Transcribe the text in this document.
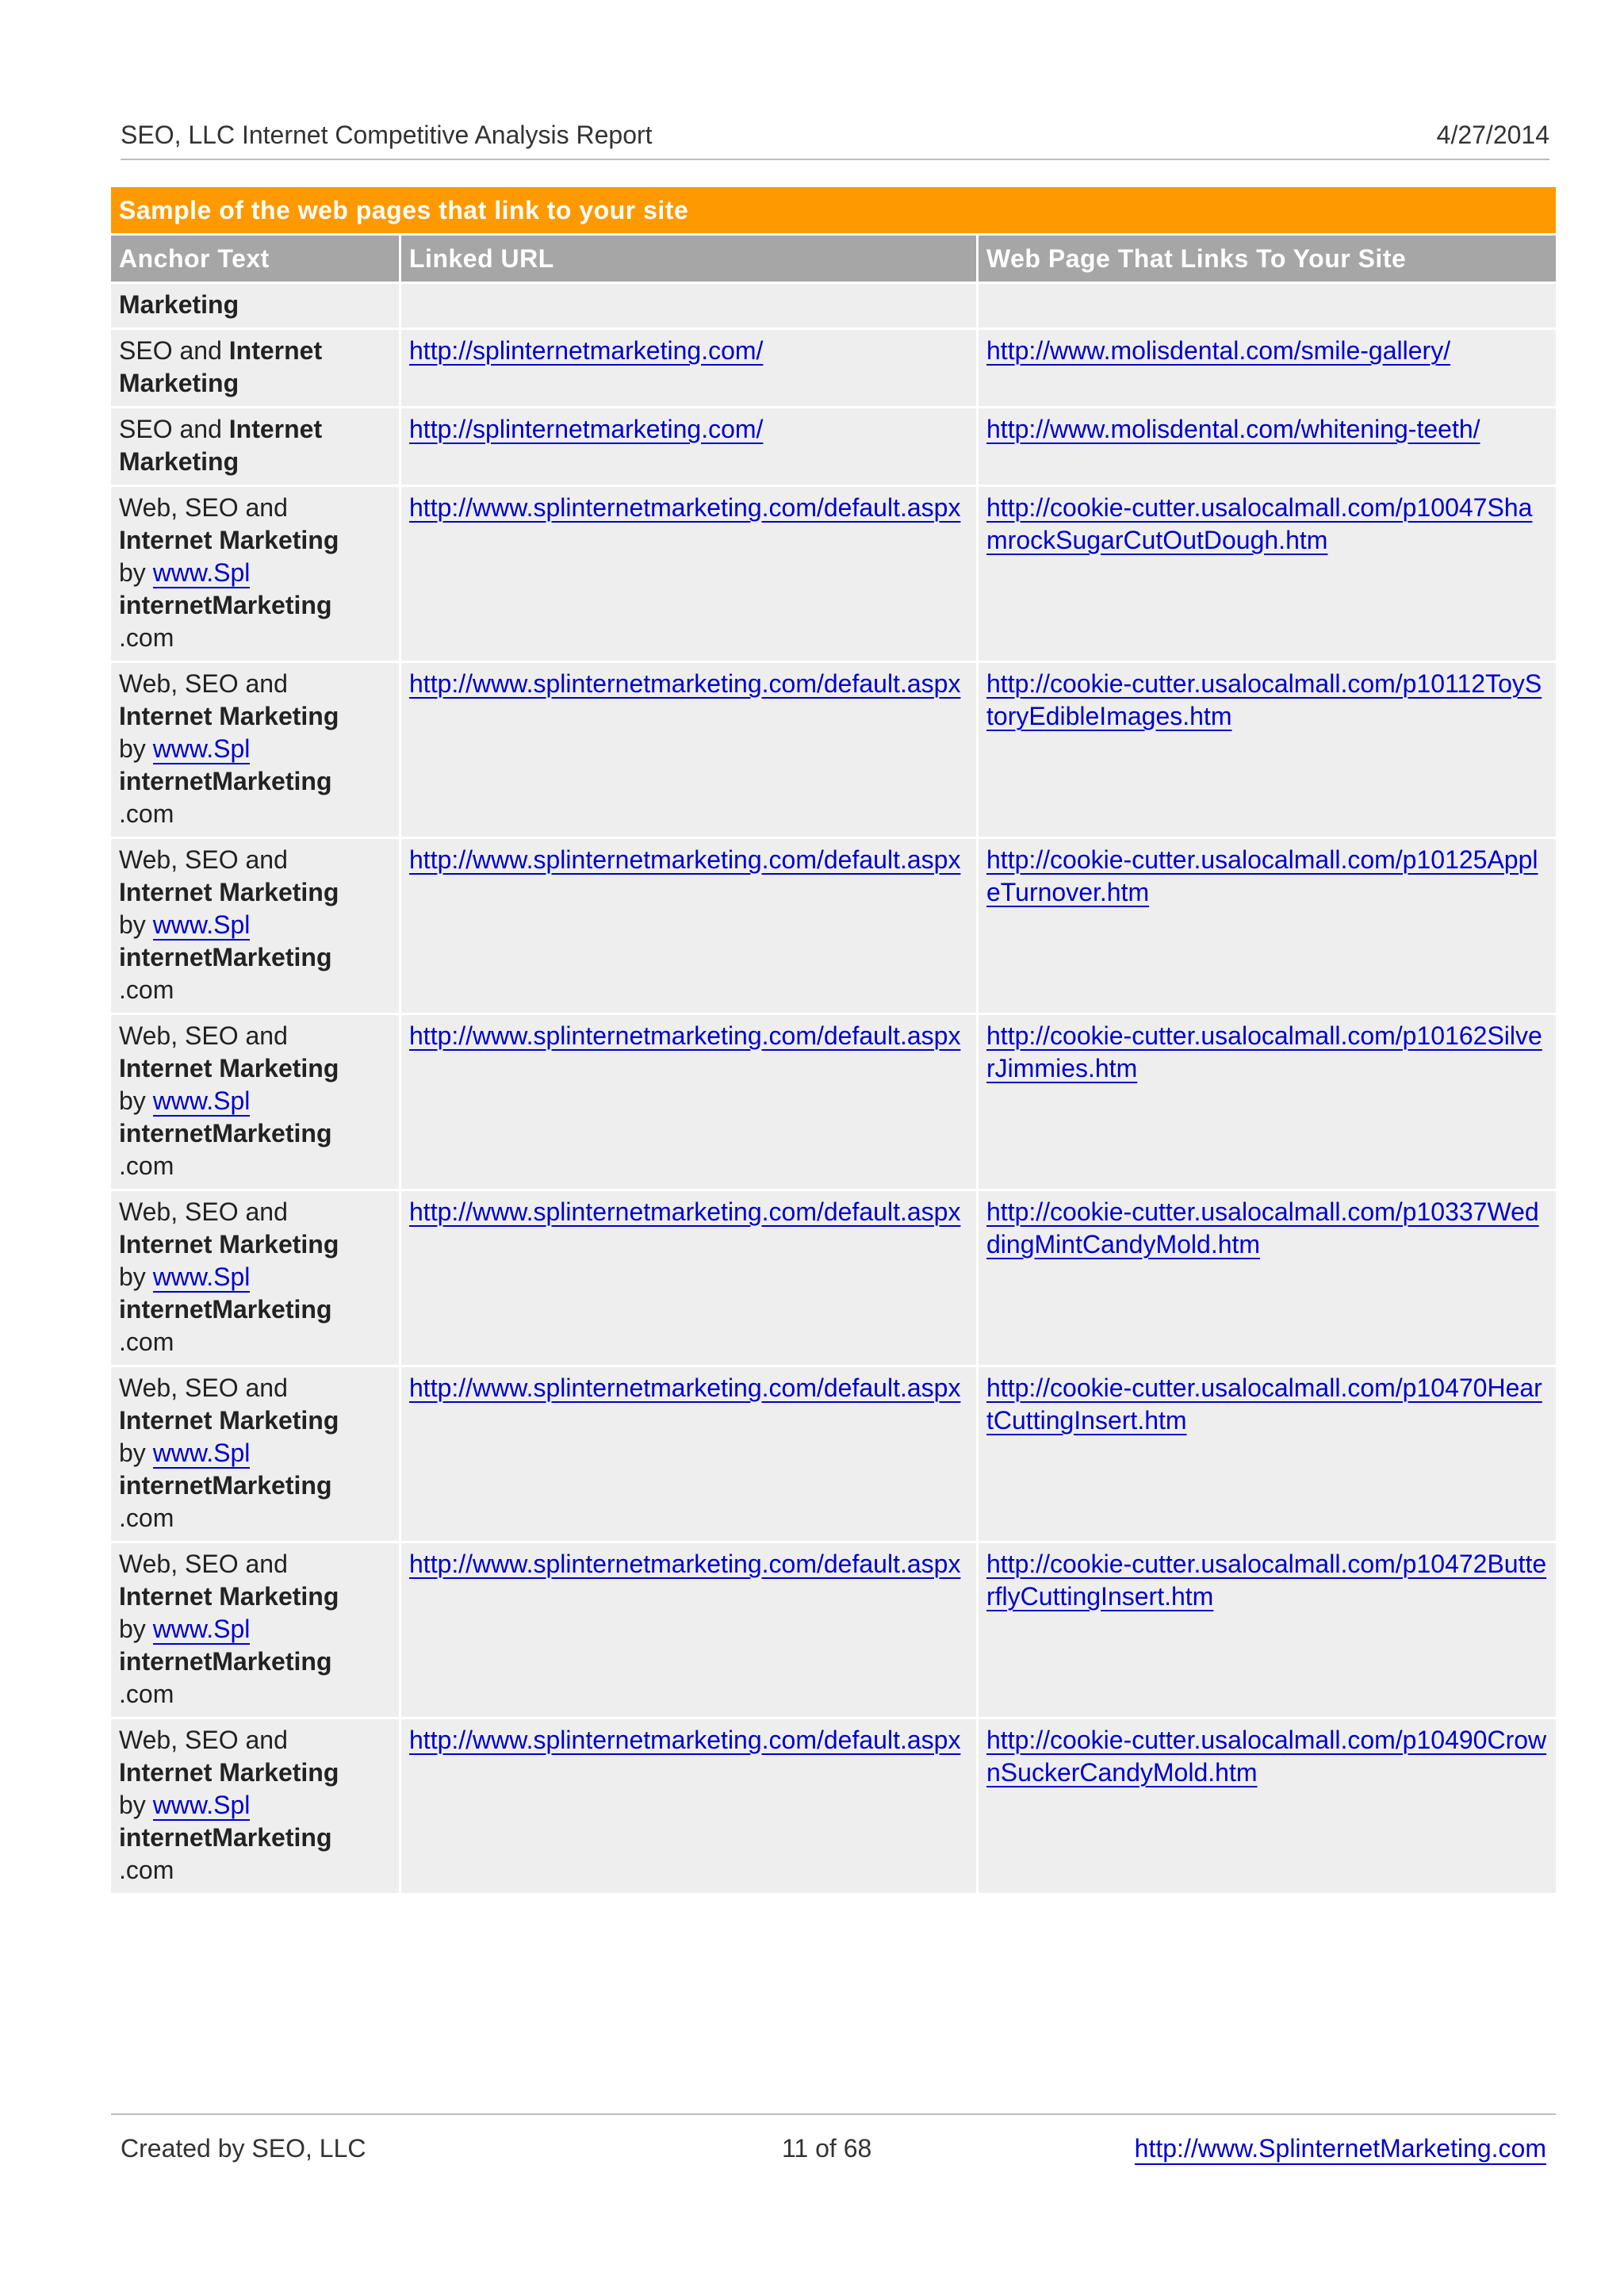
SEO, LLC Internet Competitive Analysis Report	4/27/2014
Sample of the web pages that link to your site		
Anchor Text	Linked URL	Web Page That Links To Your Site
Marketing		
SEO and Internet
Marketing	http://splinternetmarketing.com/	http://www.molisdental.com/smile-gallery/
SEO and Internet
Marketing	http://splinternetmarketing.com/	http://www.molisdental.com/whitening-teeth/
Web, SEO and
Internet Marketing
by www.Spl
internetMarketing
.com	http://www.splinternetmarketing.com/default.aspx	http://cookie-cutter.usalocalmall.com/p10047ShamrockSugarCutOutDough.htm
Web, SEO and
Internet Marketing
by www.Spl
internetMarketing
.com	http://www.splinternetmarketing.com/default.aspx	http://cookie-cutter.usalocalmall.com/p10112ToyStoryEdibleImages.htm
Web, SEO and
Internet Marketing
by www.Spl
internetMarketing
.com	http://www.splinternetmarketing.com/default.aspx	http://cookie-cutter.usalocalmall.com/p10125AppleTurnover.htm
Web, SEO and
Internet Marketing
by www.Spl
internetMarketing
.com	http://www.splinternetmarketing.com/default.aspx	http://cookie-cutter.usalocalmall.com/p10162SilverJimmies.htm
Web, SEO and
Internet Marketing
by www.Spl
internetMarketing
.com	http://www.splinternetmarketing.com/default.aspx	http://cookie-cutter.usalocalmall.com/p10337WeddingMintCandyMold.htm
Web, SEO and
Internet Marketing
by www.Spl
internetMarketing
.com	http://www.splinternetmarketing.com/default.aspx	http://cookie-cutter.usalocalmall.com/p10470HeartCuttingInsert.htm
Web, SEO and
Internet Marketing
by www.Spl
internetMarketing
.com	http://www.splinternetmarketing.com/default.aspx	http://cookie-cutter.usalocalmall.com/p10472ButterflyCuttingInsert.htm
Web, SEO and
Internet Marketing
by www.Spl
internetMarketing
.com	http://www.splinternetmarketing.com/default.aspx	http://cookie-cutter.usalocalmall.com/p10490CrownSuckerCandyMold.htm
Created by SEO, LLC	11 of 68	http://www.SplinternetMarketing.com
